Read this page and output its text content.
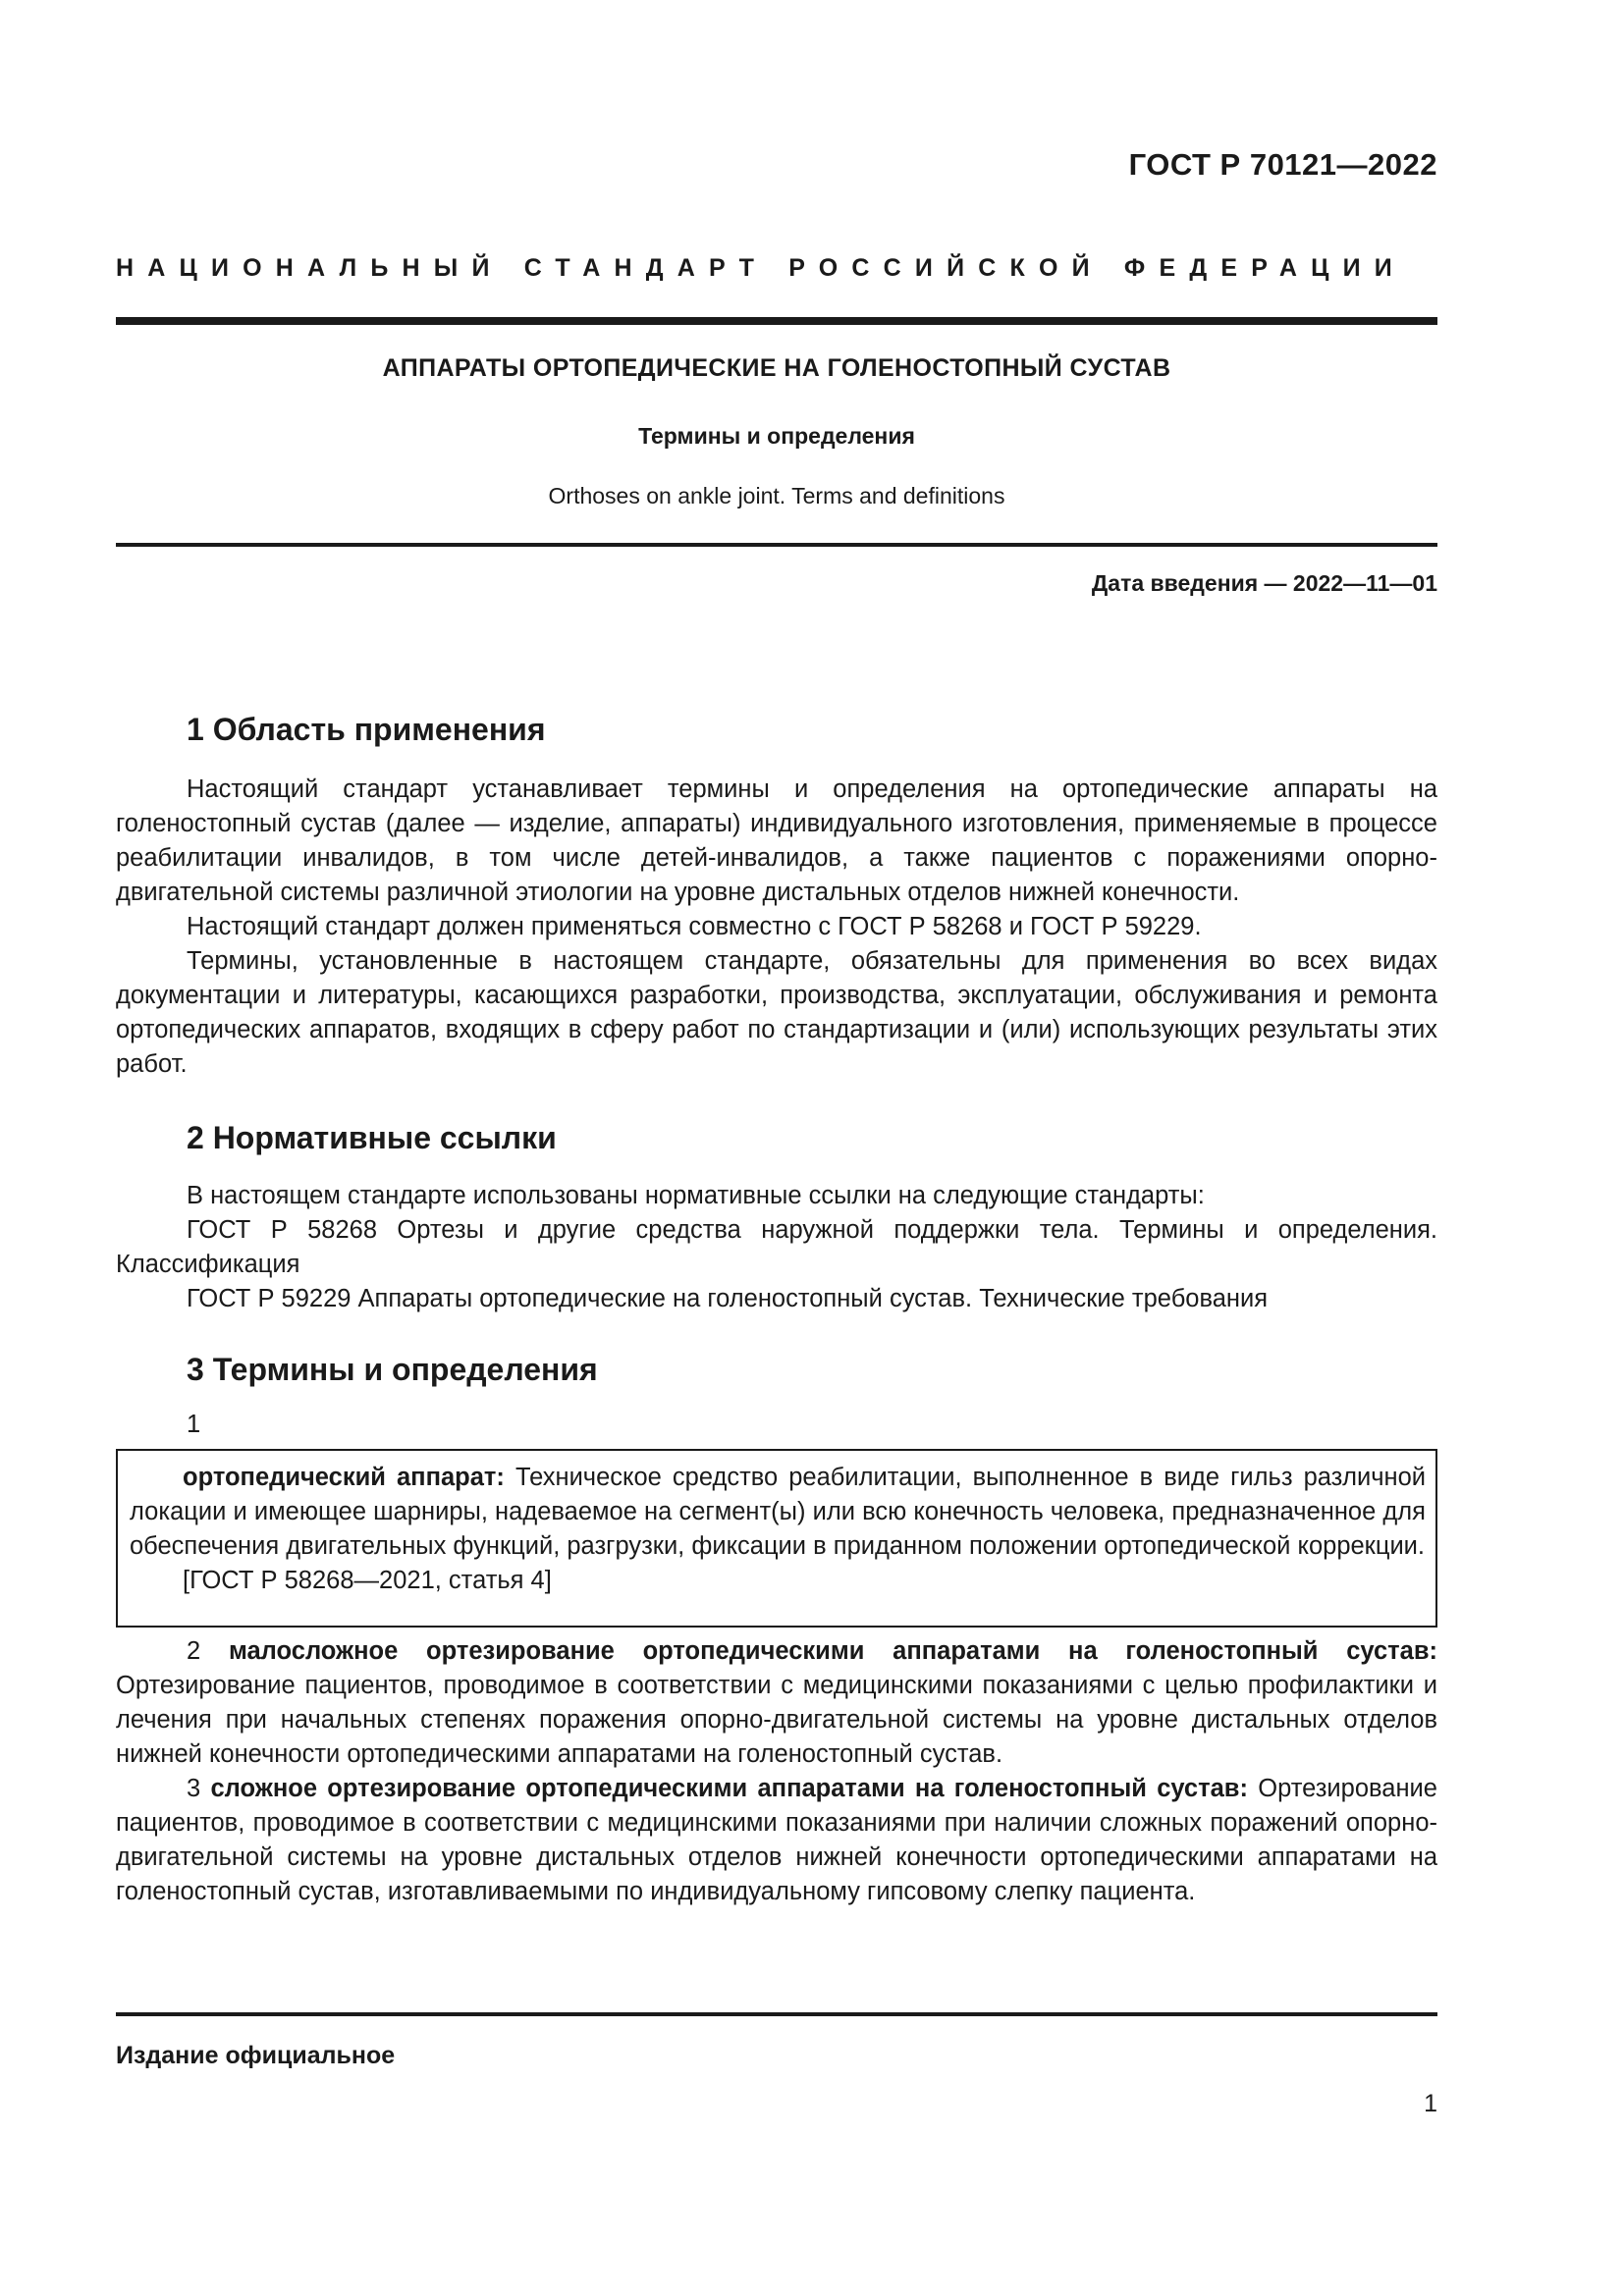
ГОСТ Р 70121—2022
НАЦИОНАЛЬНЫЙ СТАНДАРТ РОССИЙСКОЙ ФЕДЕРАЦИИ
АППАРАТЫ ОРТОПЕДИЧЕСКИЕ НА ГОЛЕНОСТОПНЫЙ СУСТАВ
Термины и определения
Orthoses on ankle joint. Terms and definitions
Дата введения — 2022—11—01
1 Область применения

Настоящий стандарт устанавливает термины и определения на ортопедические аппараты на голеностопный сустав (далее — изделие, аппараты) индивидуального изготовления, применяемые в процессе реабилитации инвалидов, в том числе детей-инвалидов, а также пациентов с поражениями опорно-двигательной системы различной этиологии на уровне дистальных отделов нижней конечности.

Настоящий стандарт должен применяться совместно с ГОСТ Р 58268 и ГОСТ Р 59229.

Термины, установленные в настоящем стандарте, обязательны для применения во всех видах документации и литературы, касающихся разработки, производства, эксплуатации, обслуживания и ремонта ортопедических аппаратов, входящих в сферу работ по стандартизации и (или) использующих результаты этих работ.

2 Нормативные ссылки

В настоящем стандарте использованы нормативные ссылки на следующие стандарты:

ГОСТ Р 58268 Ортезы и другие средства наружной поддержки тела. Термины и определения. Классификация

ГОСТ Р 59229 Аппараты ортопедические на голеностопный сустав. Технические требования

3 Термины и определения
1

ортопедический аппарат: Техническое средство реабилитации, выполненное в виде гильз различной локации и имеющее шарниры, надеваемое на сегмент(ы) или всю конечность человека, предназначенное для обеспечения двигательных функций, разгрузки, фиксации в приданном положении ортопедической коррекции.

[ГОСТ Р 58268—2021, статья 4]

2 малосложное ортезирование ортопедическими аппаратами на голеностопный сустав: Ортезирование пациентов, проводимое в соответствии с медицинскими показаниями с целью профилактики и лечения при начальных степенях поражения опорно-двигательной системы на уровне дистальных отделов нижней конечности ортопедическими аппаратами на голеностопный сустав.

3 сложное ортезирование ортопедическими аппаратами на голеностопный сустав: Ортезирование пациентов, проводимое в соответствии с медицинскими показаниями при наличии сложных поражений опорно-двигательной системы на уровне дистальных отделов нижней конечности ортопедическими аппаратами на голеностопный сустав, изготавливаемыми по индивидуальному гипсовому слепку пациента.

Издание официальное
1
